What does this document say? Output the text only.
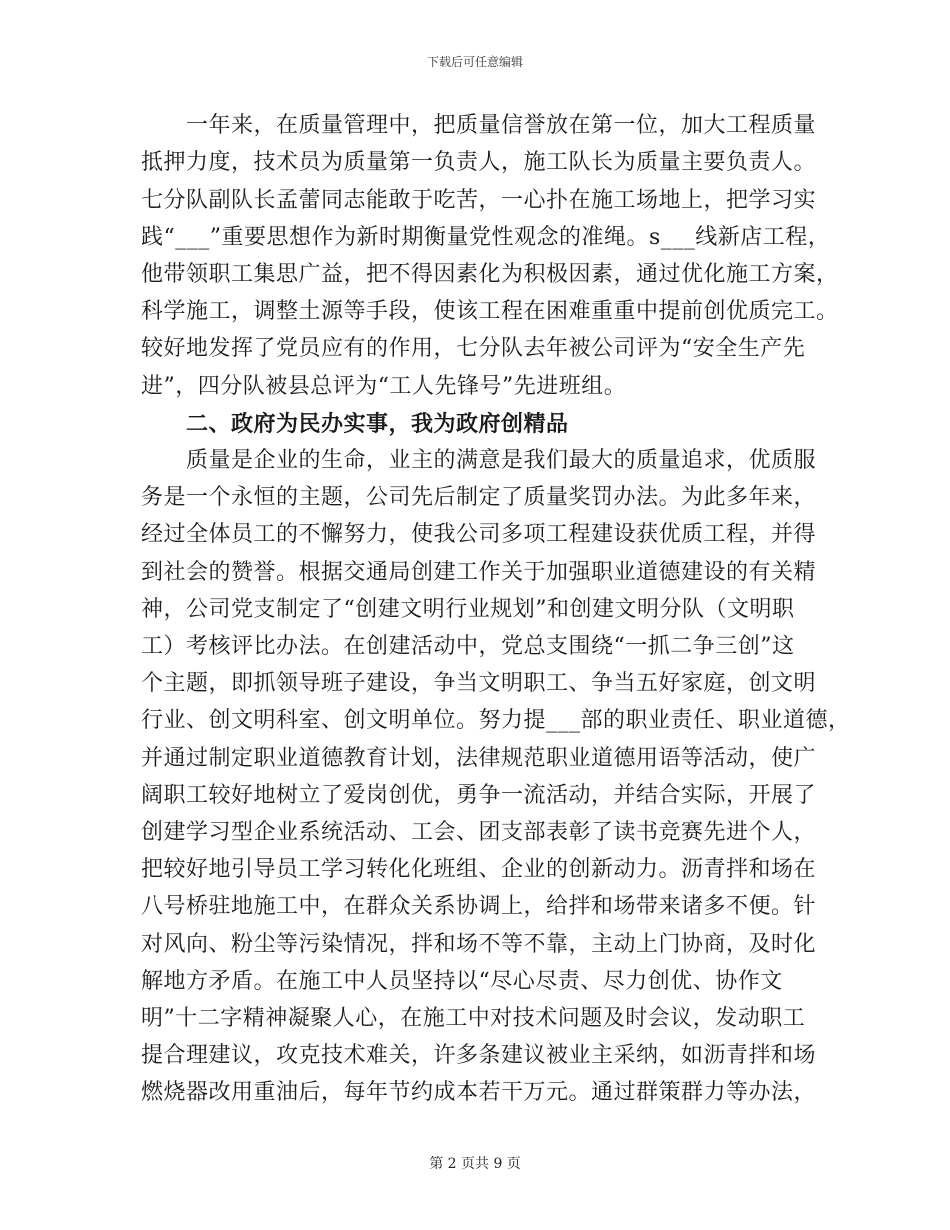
下载后可任意编辑
　　一年来，在质量管理中，把质量信誉放在第一位，加大工程质量
抵押力度，技术员为质量第一负责人，施工队长为质量主要负责人。
七分队副队长孟蕾同志能敢于吃苦，一心扑在施工场地上，把学习实
践“___”重要思想作为新时期衡量党性观念的准绳。s___线新店工程，
他带领职工集思广益，把不得因素化为积极因素，通过优化施工方案，
科学施工，调整土源等手段，使该工程在困难重重中提前创优质完工。
较好地发挥了党员应有的作用，七分队去年被公司评为“安全生产先
进”，四分队被县总评为“工人先锋号”先进班组。
　　二、政府为民办实事，我为政府创精品
　　质量是企业的生命，业主的满意是我们最大的质量追求，优质服
务是一个永恒的主题，公司先后制定了质量奖罚办法。为此多年来，
经过全体员工的不懈努力，使我公司多项工程建设获优质工程，并得
到社会的赞誉。根据交通局创建工作关于加强职业道德建设的有关精
神，公司党支制定了“创建文明行业规划”和创建文明分队（文明职
工）考核评比办法。在创建活动中，党总支围绕“一抓二争三创”这
个主题，即抓领导班子建设，争当文明职工、争当五好家庭，创文明
行业、创文明科室、创文明单位。努力提___部的职业责任、职业道德，
并通过制定职业道德教育计划，法律规范职业道德用语等活动，使广
阔职工较好地树立了爱岗创优，勇争一流活动，并结合实际，开展了
创建学习型企业系统活动、工会、团支部表彰了读书竞赛先进个人，
把较好地引导员工学习转化化班组、企业的创新动力。沥青拌和场在
八号桥驻地施工中，在群众关系协调上，给拌和场带来诸多不便。针
对风向、粉尘等污染情况，拌和场不等不靠，主动上门协商，及时化
解地方矛盾。在施工中人员坚持以“尽心尽责、尽力创优、协作文
明”十二字精神凝聚人心，在施工中对技术问题及时会议，发动职工
提合理建议，攻克技术难关，许多条建议被业主采纳，如沥青拌和场
燃烧器改用重油后，每年节约成本若干万元。通过群策群力等办法，
第 2 页共 9 页
